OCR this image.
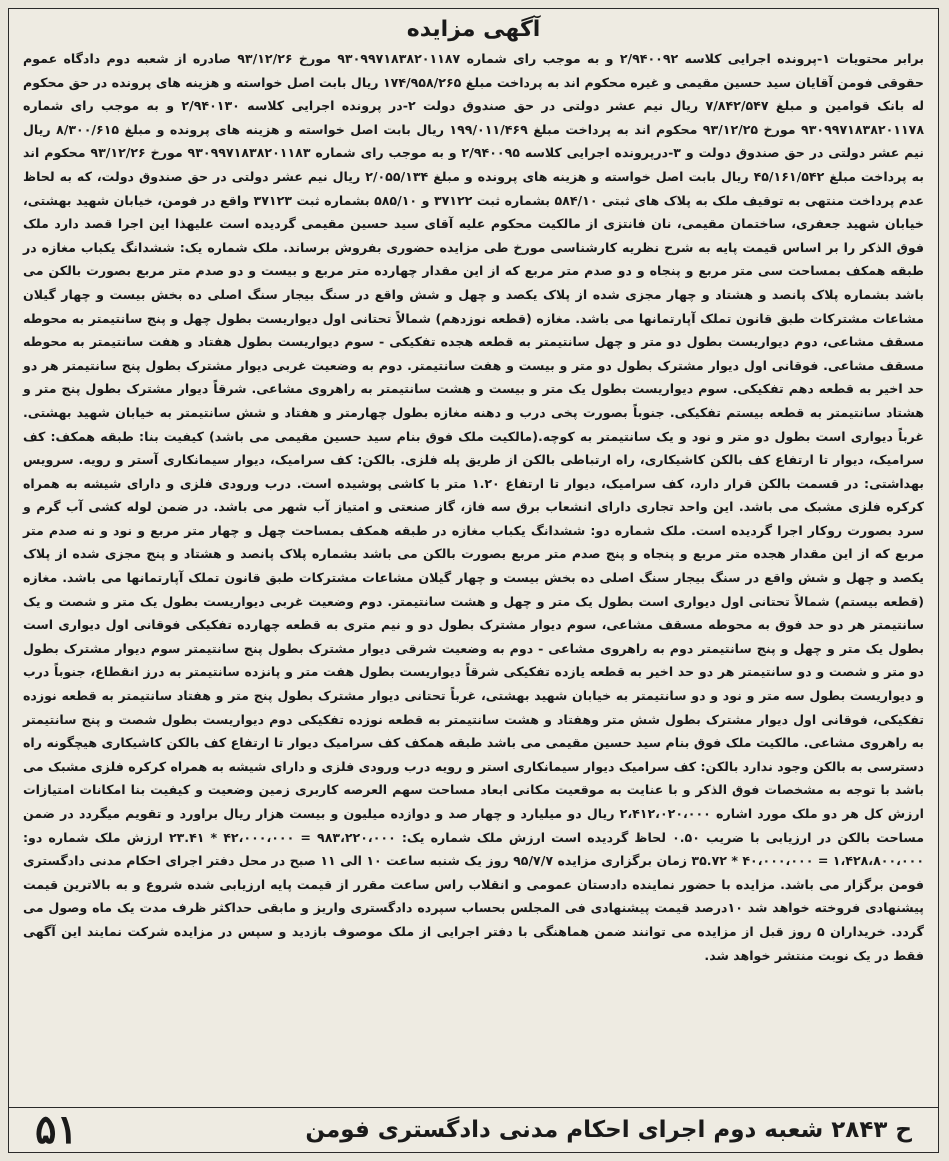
آگهی مزایده

برابر محتویات ۱-پرونده اجرایی کلاسه ۲/۹۴۰۰۹۲ و به موجب رای شماره ۹۳۰۹۹۷۱۸۳۸۲۰۱۱۸۷ مورخ ۹۳/۱۲/۲۶ صادره از شعبه دوم دادگاه عموم حقوقی فومن آقایان سید حسین مقیمی و غیره محکوم اند به پرداخت مبلغ ۱۷۴/۹۵۸/۲۶۵ ریال بابت اصل خواسته و هزینه های پرونده در حق محکوم له بانک قوامین و مبلغ ۷/۸۴۲/۵۴۷ ریال نیم عشر دولتی در حق صندوق دولت ۲-در پرونده اجرایی کلاسه ۲/۹۴۰۱۳۰ و به موجب رای شماره ۹۳۰۹۹۷۱۸۳۸۲۰۱۱۷۸ مورخ ۹۳/۱۲/۲۵ محکوم اند به پرداخت مبلغ ۱۹۹/۰۱۱/۴۶۹ ریال بابت اصل خواسته و هزینه های پرونده و مبلغ ۸/۳۰۰/۶۱۵ ریال نیم عشر دولتی در حق صندوق دولت و ۳-درپرونده اجرایی کلاسه ۲/۹۴۰۰۹۵ و به موجب رای شماره ۹۳۰۹۹۷۱۸۳۸۲۰۱۱۸۳ مورخ ۹۳/۱۲/۲۶ محکوم اند به پرداخت مبلغ ۴۵/۱۶۱/۵۴۲ ریال بابت اصل خواسته و هزینه های پرونده و مبلغ ۲/۰۵۵/۱۳۴ ریال نیم عشر دولتی در حق صندوق دولت، که به لحاظ عدم پرداخت منتهی به توقیف ملک به پلاک های ثبتی ۵۸۴/۱۰ بشماره ثبت ۳۷۱۲۲ و ۵۸۵/۱۰ بشماره ثبت ۳۷۱۲۳ واقع در فومن، خیابان شهید بهشتی، خیابان شهید جعفری، ساختمان مقیمی، نان فانتزی از مالکیت محکوم علیه آقای سید حسین مقیمی گردیده است علیهذا این اجرا قصد دارد ملک فوق الذکر را بر اساس قیمت پایه به شرح نظریه کارشناسی مورخ طی مزایده حضوری بفروش برساند. ملک شماره یک: ششدانگ یکباب مغازه در طبقه همکف بمساحت سی متر مربع و پنجاه و دو صدم متر مربع که از این مقدار چهارده متر مربع و بیست و دو صدم متر مربع بصورت بالکن می باشد بشماره پلاک پانصد و هشتاد و چهار مجزی شده از پلاک یکصد و چهل و شش واقع در سنگ بیجار سنگ اصلی ده بخش بیست و چهار گیلان مشاعات مشترکات طبق قانون تملک آپارتمانها می باشد. مغازه (قطعه نوزدهم) شمالاً تحتانی اول دیواریست بطول چهل و پنج سانتیمتر به محوطه مسقف مشاعی، دوم دیواریست بطول دو متر و چهل سانتیمتر به قطعه هجده تفکیکی - سوم دیواریست بطول هفتاد و هفت سانتیمتر به محوطه مسقف مشاعی. فوقانی اول دیوار مشترک بطول دو متر و بیست و هفت سانتیمتر. دوم به وضعیت غربی دیوار مشترک بطول پنج سانتیمتر هر دو حد اخیر به قطعه دهم تفکیکی. سوم دیواریست بطول یک متر و بیست و هشت سانتیمتر به راهروی مشاعی. شرقاً دیوار مشترک بطول پنج متر و هشتاد سانتیمتر به قطعه بیستم تفکیکی. جنوباً بصورت پخی درب و دهنه مغازه بطول چهارمتر و هفتاد و شش سانتیمتر به خیابان شهید بهشتی. غرباً دیواری است بطول دو متر و نود و یک سانتیمتر به کوچه.(مالکیت ملک فوق بنام سید حسین مقیمی می باشد) کیفیت بنا: طبقه همکف: کف سرامیک، دیوار تا ارتفاع کف بالکن کاشیکاری، راه ارتباطی بالکن از طریق پله فلزی. بالکن: کف سرامیک، دیوار سیمانکاری آستر و رویه. سرویس بهداشتی: در قسمت بالکن قرار دارد، کف سرامیک، دیوار تا ارتفاع ۱.۲۰ متر با کاشی پوشیده است. درب ورودی فلزی و دارای شیشه به همراه کرکره فلزی مشبک می باشد. این واحد تجاری دارای انشعاب برق سه فاز، گاز صنعتی و امتیاز آب شهر می باشد. در ضمن لوله کشی آب گرم و سرد بصورت روکار اجرا گردیده است. ملک شماره دو: ششدانگ یکباب مغازه در طبقه همکف بمساحت چهل و چهار متر مربع و نود و نه صدم متر مربع که از این مقدار هجده متر مربع و پنجاه و پنج صدم متر مربع بصورت بالکن می باشد بشماره پلاک پانصد و هشتاد و پنج مجزی شده از پلاک یکصد و چهل و شش واقع در سنگ بیجار سنگ اصلی ده بخش بیست و چهار گیلان مشاعات مشترکات طبق قانون تملک آپارتمانها می باشد. مغازه (قطعه بیستم) شمالاً تحتانی اول دیواری است بطول یک متر و چهل و هشت سانتیمتر. دوم وضعیت غربی دیواریست بطول یک متر و شصت و یک سانتیمتر هر دو حد فوق به محوطه مسقف مشاعی، سوم دیوار مشترک بطول دو و نیم متری به قطعه چهارده تفکیکی فوقانی اول دیواری است بطول یک متر و چهل و پنج سانتیمتر دوم به راهروی مشاعی - دوم به وضعیت شرقی دیوار مشترک بطول پنج سانتیمتر سوم دیوار مشترک بطول دو متر و شصت و دو سانتیمتر هر دو حد اخیر به قطعه یازده تفکیکی شرقاً دیواریست بطول هفت متر و پانزده سانتیمتر به درز انقطاع، جنوباً درب و دیواریست بطول سه متر و نود و دو سانتیمتر به خیابان شهید بهشتی، غرباً تحتانی دیوار مشترک بطول پنج متر و هفتاد سانتیمتر به قطعه نوزده تفکیکی، فوقانی اول دیوار مشترک بطول شش متر وهفتاد و هشت سانتیمتر به قطعه نوزده تفکیکی دوم دیواریست بطول شصت و پنج سانتیمتر به راهروی مشاعی. مالکیت ملک فوق بنام سید حسین مقیمی می باشد طبقه همکف کف سرامیک دیوار تا ارتفاع کف بالکن کاشیکاری هیچگونه راه دسترسی به بالکن وجود ندارد بالکن: کف سرامیک دیوار سیمانکاری استر و رویه درب ورودی فلزی و دارای شیشه به همراه کرکره فلزی مشبک می باشد با توجه به مشخصات فوق الذکر و با عنایت به موقعیت مکانی ابعاد مساحت سهم العرصه کاربری زمین وضعیت و کیفیت بنا امکانات امتیازات ارزش کل هر دو ملک مورد اشاره ۲،۴۱۲،۰۲۰،۰۰۰ ریال دو میلیارد و چهار صد و دوازده میلیون و بیست هزار ریال براورد و تقویم میگردد در ضمن مساحت بالکن در ارزیابی با ضریب ۰.۵۰ لحاظ گردیده است ارزش ملک شماره یک: ۹۸۳،۲۲۰،۰۰۰ = ۴۲،۰۰۰،۰۰۰ * ۲۳.۴۱ ارزش ملک شماره دو: ۱،۴۲۸،۸۰۰،۰۰۰ = ۴۰،۰۰۰،۰۰۰ * ۳۵.۷۲ زمان برگزاری مزایده ۹۵/۷/۷ روز یک شنبه ساعت ۱۰ الی ۱۱ صبح در محل دفتر اجرای احکام مدنی دادگستری فومن برگزار می باشد. مزایده با حضور نماینده دادستان عمومی و انقلاب راس ساعت مقرر از قیمت پایه ارزیابی شده شروع و به بالاترین قیمت پیشنهادی فروخته خواهد شد ۱۰درصد قیمت پیشنهادی فی المجلس بحساب سپرده دادگستری واریز و مابقی حداکثر ظرف مدت یک ماه وصول می گردد. خریداران ۵ روز قبل از مزایده می توانند ضمن هماهنگی با دفتر اجرایی از ملک موصوف بازدید و سپس در مزایده شرکت نمایند این آگهی فقط در یک نوبت منتشر خواهد شد.

ح ۲۸۴۳ شعبه دوم اجرای احکام مدنی دادگستری فومن
۵۱
